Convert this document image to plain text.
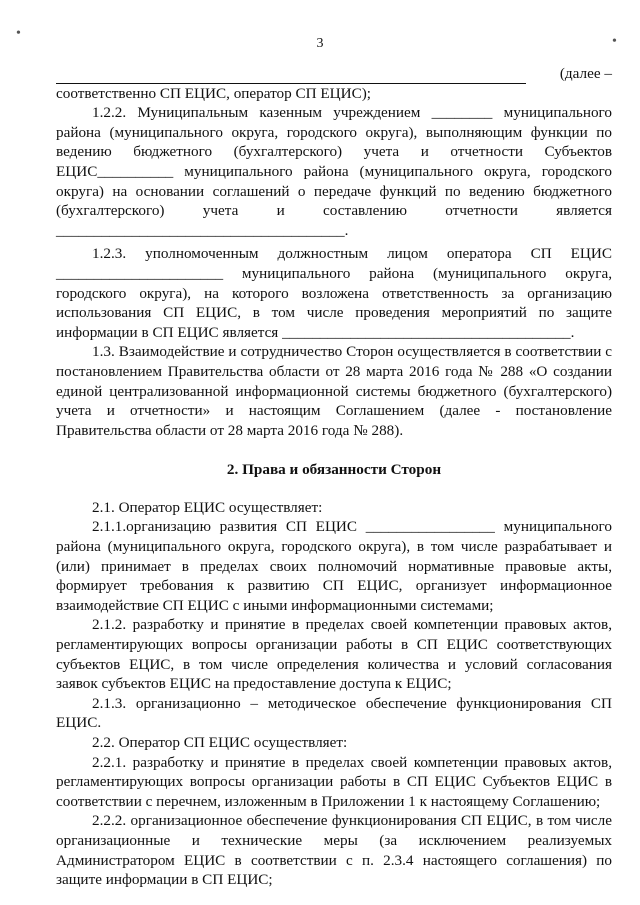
•
•
3
(далее –

соответственно СП ЕЦИС, оператор СП ЕЦИС);

1.2.2. Муниципальным казенным учреждением ________ муниципального

района (муниципального округа, городского округа), выполняющим функции по

ведению бюджетного (бухгалтерского) учета и отчетности Субъектов

ЕЦИС__________ муниципального района (муниципального округа, городского

округа) на основании соглашений о передаче функций по ведению бюджетного

(бухгалтерского) учета и составлению отчетности является

______________________________________.

1.2.3. уполномоченным должностным лицом оператора СП ЕЦИС

______________________ муниципального района (муниципального округа,

городского округа), на которого возложена ответственность за организацию

использования СП ЕЦИС, в том числе проведения мероприятий по защите

информации в СП ЕЦИС является ______________________________________.

1.3. Взаимодействие и сотрудничество Сторон осуществляется в соответствии с постановлением Правительства области от 28 марта 2016 года № 288 «О создании единой централизованной информационной системы бюджетного (бухгалтерского) учета и отчетности» и настоящим Соглашением (далее - постановление Правительства области от 28 марта 2016 года № 288).

2. Права и обязанности Сторон

2.1. Оператор ЕЦИС осуществляет:

2.1.1.организацию развития СП ЕЦИС _________________ муниципального района (муниципального округа, городского округа), в том числе разрабатывает и (или) принимает в пределах своих полномочий нормативные правовые акты, формирует требования к развитию СП ЕЦИС, организует информационное взаимодействие СП ЕЦИС с иными информационными системами;

2.1.2. разработку и принятие в пределах своей компетенции правовых актов, регламентирующих вопросы организации работы в СП ЕЦИС соответствующих субъектов ЕЦИС, в том числе определения количества и условий согласования заявок субъектов ЕЦИС на предоставление доступа к ЕЦИС;

2.1.3. организационно – методическое обеспечение функционирования СП ЕЦИС.

2.2. Оператор СП ЕЦИС осуществляет:

2.2.1. разработку и принятие в пределах своей компетенции правовых актов, регламентирующих вопросы организации работы в СП ЕЦИС Субъектов ЕЦИС в соответствии с перечнем, изложенным в Приложении 1 к настоящему Соглашению;

2.2.2. организационное обеспечение функционирования СП ЕЦИС, в том числе организационные и технические меры (за исключением реализуемых Администратором ЕЦИС в соответствии с п. 2.3.4 настоящего соглашения) по защите информации в СП ЕЦИС;
